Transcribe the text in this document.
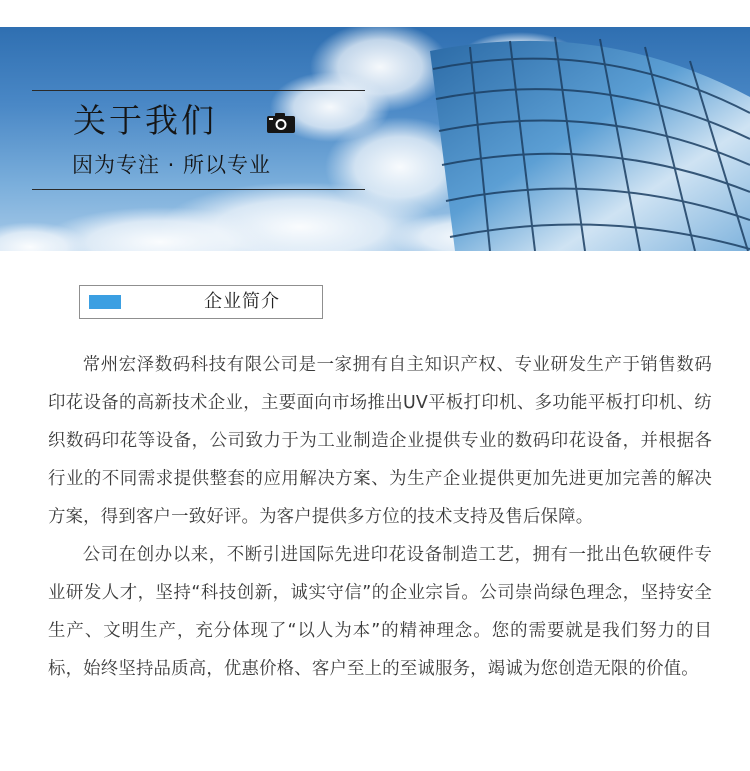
关于我们
因为专注 · 所以专业
企业简介

常州宏泽数码科技有限公司是一家拥有自主知识产权、专业研发生产于销售数码印花设备的高新技术企业，主要面向市场推出UV平板打印机、多功能平板打印机、纺织数码印花等设备，公司致力于为工业制造企业提供专业的数码印花设备，并根据各行业的不同需求提供整套的应用解决方案、为生产企业提供更加先进更加完善的解决方案，得到客户一致好评。为客户提供多方位的技术支持及售后保障。

公司在创办以来，不断引进国际先进印花设备制造工艺，拥有一批出色软硬件专业研发人才，坚持“科技创新，诚实守信”的企业宗旨。公司崇尚绿色理念，坚持安全生产、文明生产，充分体现了“以人为本”的精神理念。您的需要就是我们努力的目标，始终坚持品质高，优惠价格、客户至上的至诚服务，竭诚为您创造无限的价值。
